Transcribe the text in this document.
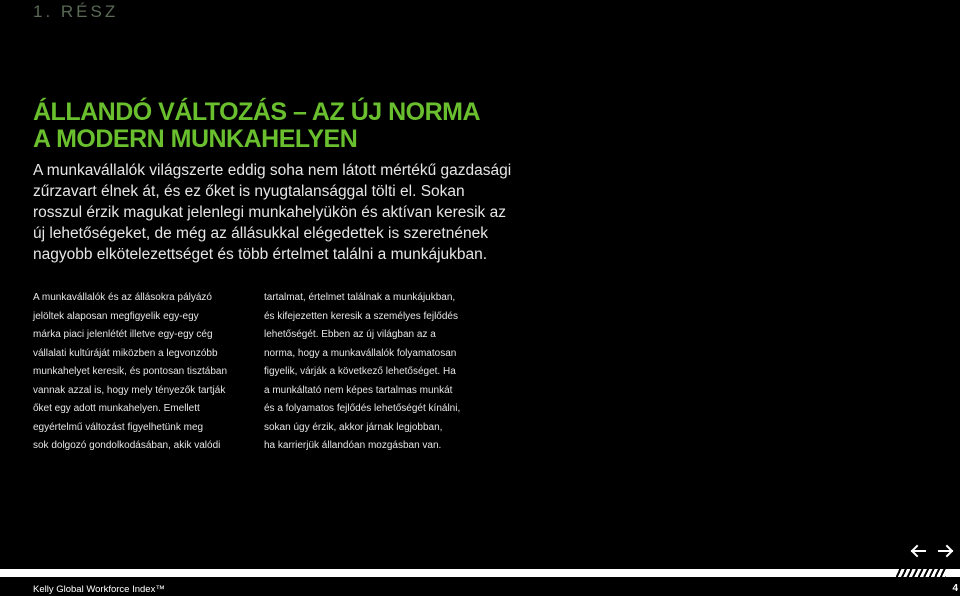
1. RÉSZ
ÁLLANDÓ VÁLTOZÁS – AZ ÚJ NORMA
A MODERN MUNKAHELYEN

A munkavállalók világszerte eddig soha nem látott mértékű gazdasági
zűrzavart élnek át, és ez őket is nyugtalansággal tölti el. Sokan
rosszul érzik magukat jelenlegi munkahelyükön és aktívan keresik az
új lehetőségeket, de még az állásukkal elégedettek is szeretnének
nagyobb elkötelezettséget és több értelmet találni a munkájukban.

A munkavállalók és az állásokra pályázó
jelöltek alaposan megfigyelik egy-egy
márka piaci jelenlétét illetve egy-egy cég
vállalati kultúráját miközben a legvonzóbb
munkahelyet keresik, és pontosan tisztában
vannak azzal is, hogy mely tényezők tartják
őket egy adott munkahelyen. Emellett
egyértelmű változást figyelhetünk meg
sok dolgozó gondolkodásában, akik valódi
tartalmat, értelmet találnak a munkájukban,
és kifejezetten keresik a személyes fejlődés
lehetőségét. Ebben az új világban az a
norma, hogy a munkavállalók folyamatosan
figyelik, várják a következő lehetőséget. Ha
a munkáltató nem képes tartalmas munkát
és a folyamatos fejlődés lehetőségét kínálni,
sokan úgy érzik, akkor járnak legjobban,
ha karrierjük állandóan mozgásban van.
Kelly Global Workforce Index™	4
